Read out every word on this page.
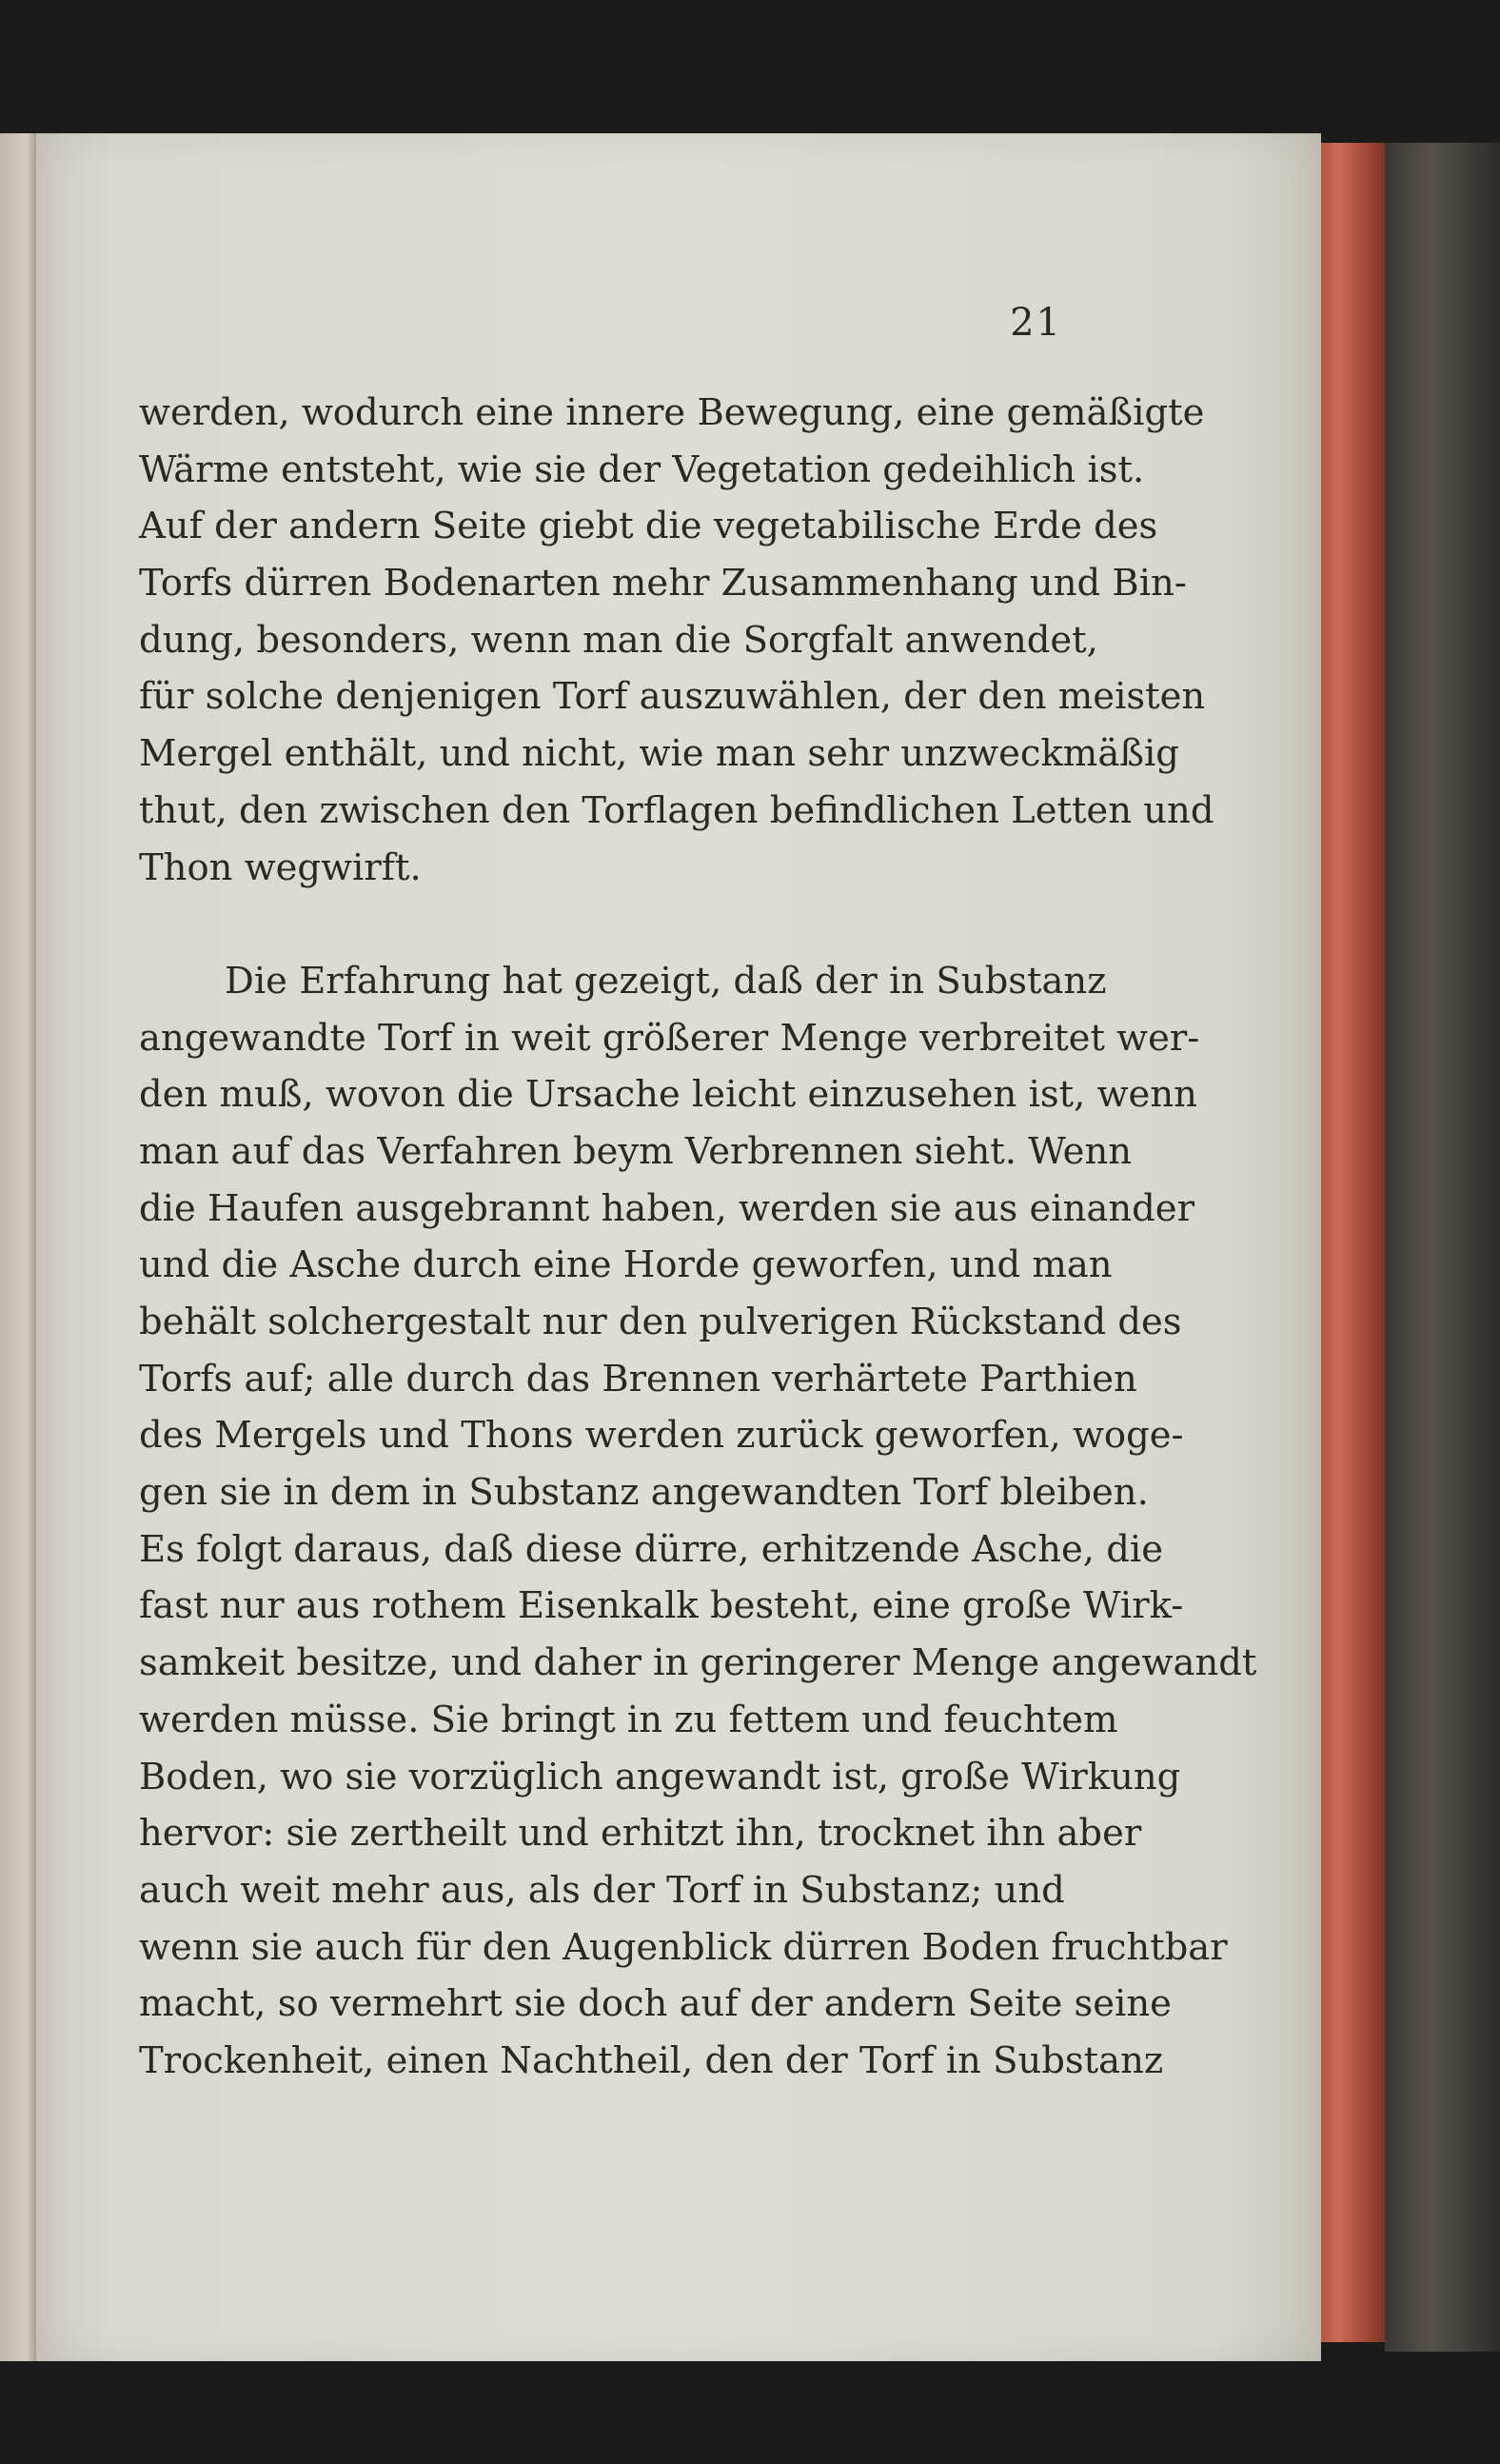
21
werden, wodurch eine innere Bewegung, eine gemäßigte
Wärme entsteht, wie sie der Vegetation gedeihlich ist.
Auf der andern Seite giebt die vegetabilische Erde des
Torfs dürren Bodenarten mehr Zusammenhang und Bin-
dung, besonders, wenn man die Sorgfalt anwendet,
für solche denjenigen Torf auszuwählen, der den meisten
Mergel enthält, und nicht, wie man sehr unzweckmäßig
thut, den zwischen den Torflagen befindlichen Letten und
Thon wegwirft.
Die Erfahrung hat gezeigt, daß der in Substanz
angewandte Torf in weit größerer Menge verbreitet wer-
den muß, wovon die Ursache leicht einzusehen ist, wenn
man auf das Verfahren beym Verbrennen sieht. Wenn
die Haufen ausgebrannt haben, werden sie aus einander
und die Asche durch eine Horde geworfen, und man
behält solchergestalt nur den pulverigen Rückstand des
Torfs auf; alle durch das Brennen verhärtete Parthien
des Mergels und Thons werden zurück geworfen, woge-
gen sie in dem in Substanz angewandten Torf bleiben.
Es folgt daraus, daß diese dürre, erhitzende Asche, die
fast nur aus rothem Eisenkalk besteht, eine große Wirk-
samkeit besitze, und daher in geringerer Menge angewandt
werden müsse. Sie bringt in zu fettem und feuchtem
Boden, wo sie vorzüglich angewandt ist, große Wirkung
hervor: sie zertheilt und erhitzt ihn, trocknet ihn aber
auch weit mehr aus, als der Torf in Substanz; und
wenn sie auch für den Augenblick dürren Boden fruchtbar
macht, so vermehrt sie doch auf der andern Seite seine
Trockenheit, einen Nachtheil, den der Torf in Substanz
